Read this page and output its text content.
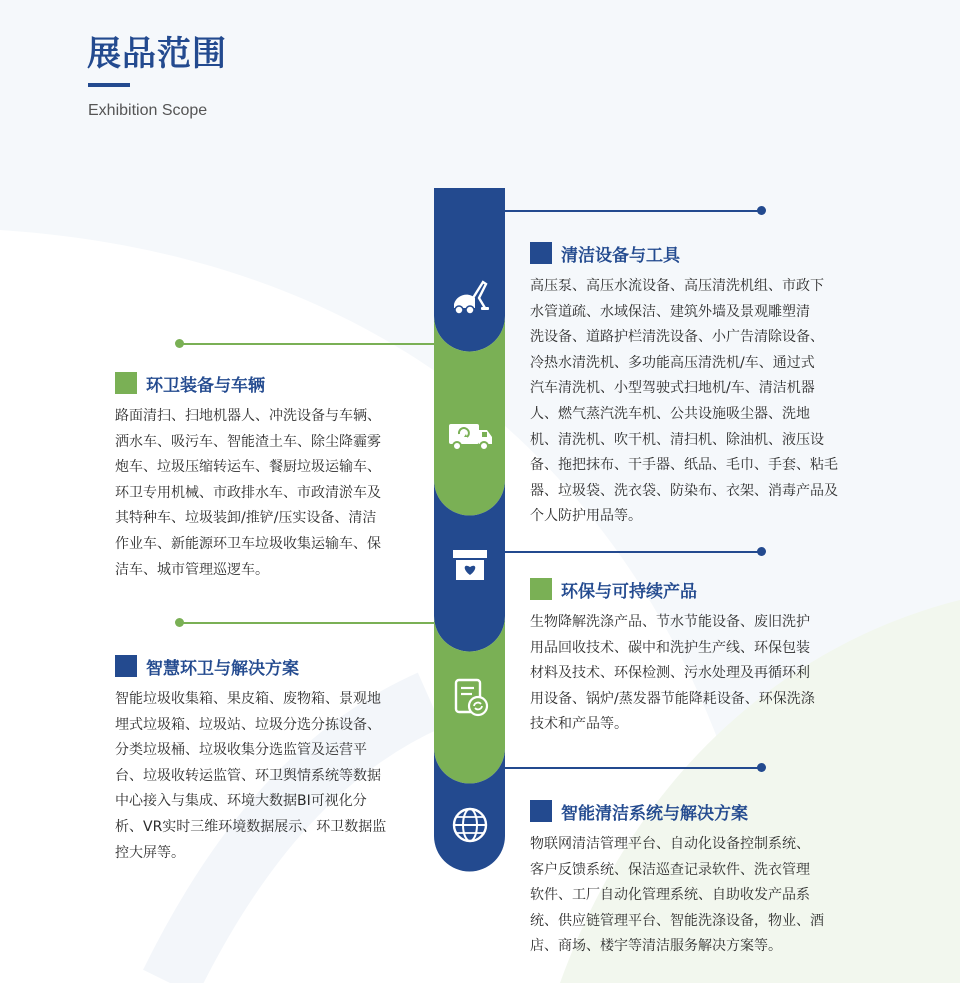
展品范围
Exhibition Scope
清洁设备与工具
高压泵、高压水流设备、高压清洗机组、市政下
水管道疏、水域保洁、建筑外墙及景观雕塑清
洗设备、道路护栏清洗设备、小广告清除设备、
冷热水清洗机、多功能高压清洗机/车、通过式
汽车清洗机、小型驾驶式扫地机/车、清洁机器
人、燃气蒸汽洗车机、公共设施吸尘器、洗地
机、清洗机、吹干机、清扫机、除油机、液压设
备、拖把抹布、干手器、纸品、毛巾、手套、粘毛
器、垃圾袋、洗衣袋、防染布、衣架、消毒产品及
个人防护用品等。
环卫装备与车辆
路面清扫、扫地机器人、冲洗设备与车辆、
洒水车、吸污车、智能渣土车、除尘降霾雾
炮车、垃圾压缩转运车、餐厨垃圾运输车、
环卫专用机械、市政排水车、市政清淤车及
其特种车、垃圾装卸/推铲/压实设备、清洁
作业车、新能源环卫车垃圾收集运输车、保
洁车、城市管理巡逻车。
环保与可持续产品
生物降解洗涤产品、节水节能设备、废旧洗护
用品回收技术、碳中和洗护生产线、环保包装
材料及技术、环保检测、污水处理及再循环利
用设备、锅炉/蒸发器节能降耗设备、环保洗涤
技术和产品等。
智慧环卫与解决方案
智能垃圾收集箱、果皮箱、废物箱、景观地
埋式垃圾箱、垃圾站、垃圾分选分拣设备、
分类垃圾桶、垃圾收集分选监管及运营平
台、垃圾收转运监管、环卫舆情系统等数据
中心接入与集成、环境大数据BI可视化分
析、VR实时三维环境数据展示、环卫数据监
控大屏等。
智能清洁系统与解决方案
物联网清洁管理平台、自动化设备控制系统、
客户反馈系统、保洁巡查记录软件、洗衣管理
软件、工厂自动化管理系统、自助收发产品系
统、供应链管理平台、智能洗涤设备，物业、酒
店、商场、楼宇等清洁服务解决方案等。
